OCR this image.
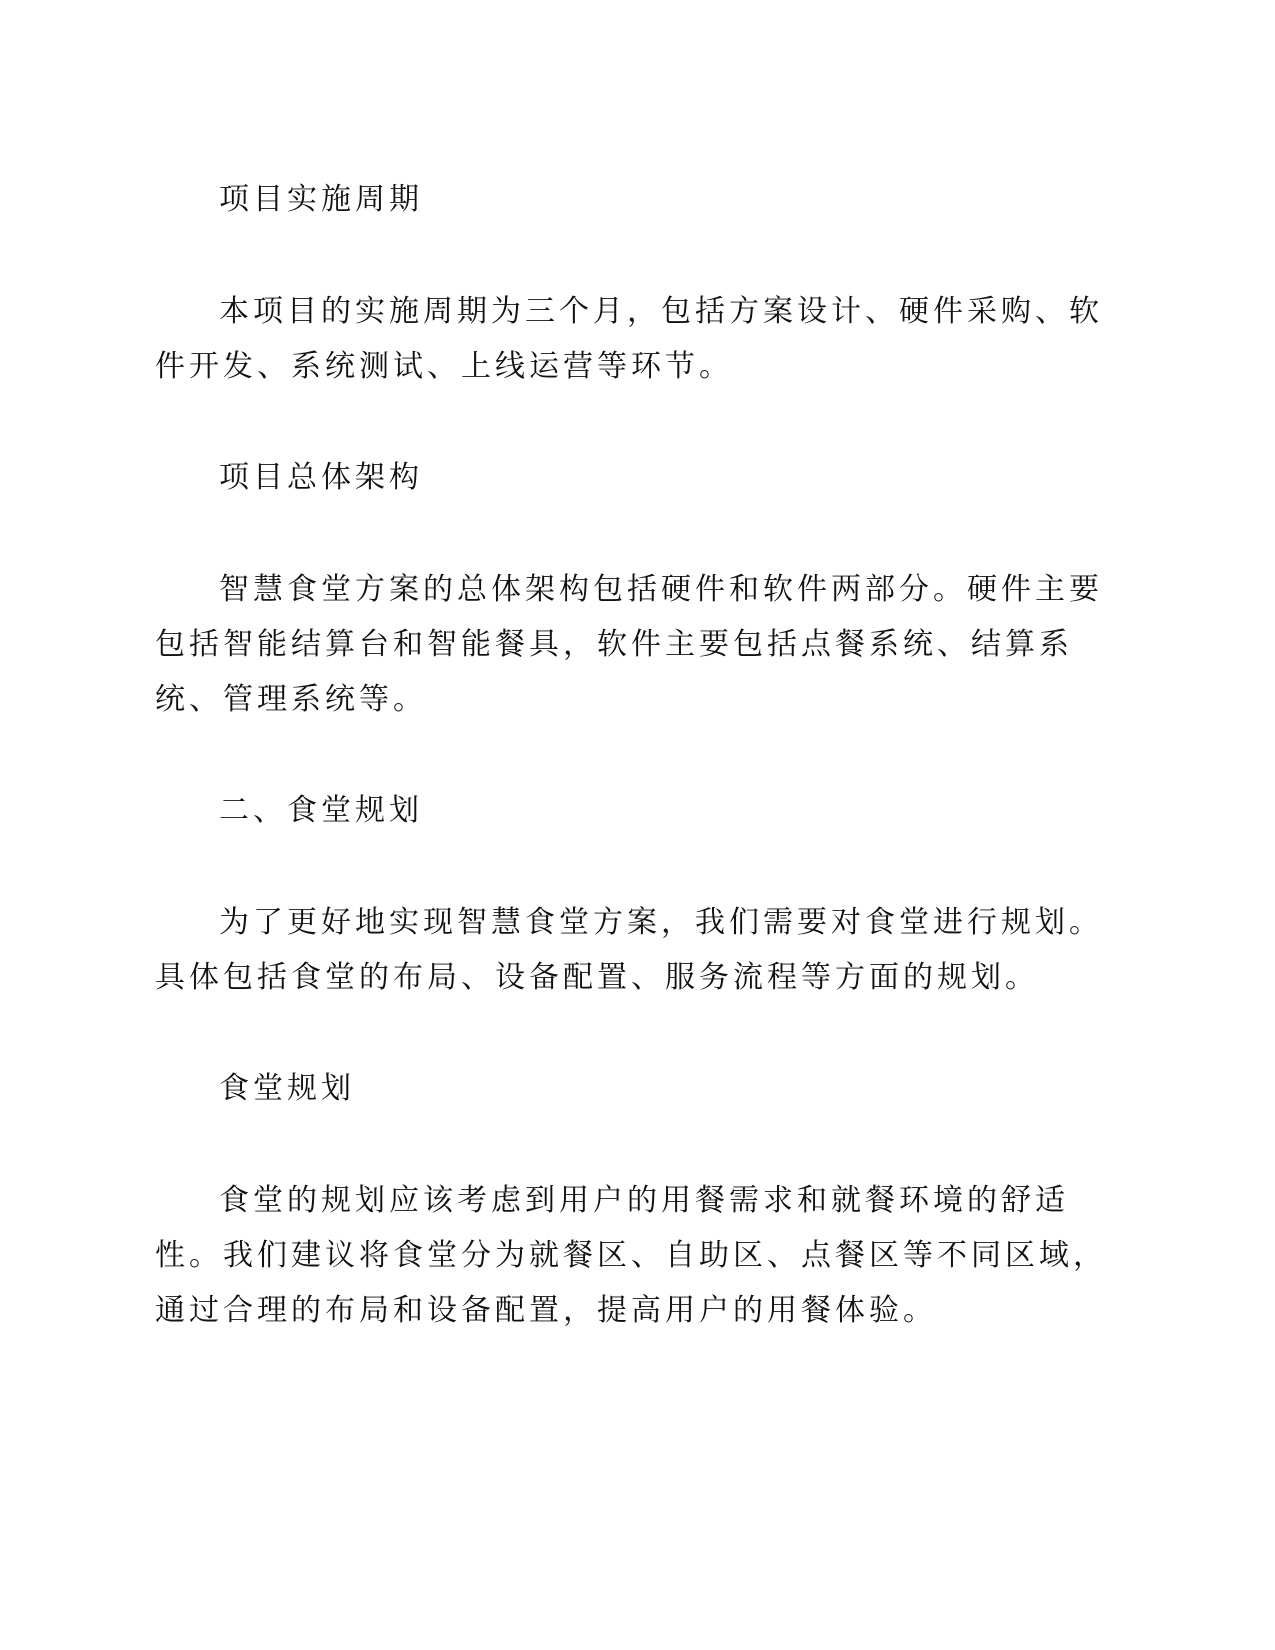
项目实施周期

本项目的实施周期为三个月，包括方案设计、硬件采购、软

件开发、系统测试、上线运营等环节。

项目总体架构

智慧食堂方案的总体架构包括硬件和软件两部分。硬件主要

包括智能结算台和智能餐具，软件主要包括点餐系统、结算系

统、管理系统等。

二、食堂规划

为了更好地实现智慧食堂方案，我们需要对食堂进行规划。

具体包括食堂的布局、设备配置、服务流程等方面的规划。

食堂规划

食堂的规划应该考虑到用户的用餐需求和就餐环境的舒适

性。我们建议将食堂分为就餐区、自助区、点餐区等不同区域，

通过合理的布局和设备配置，提高用户的用餐体验。
